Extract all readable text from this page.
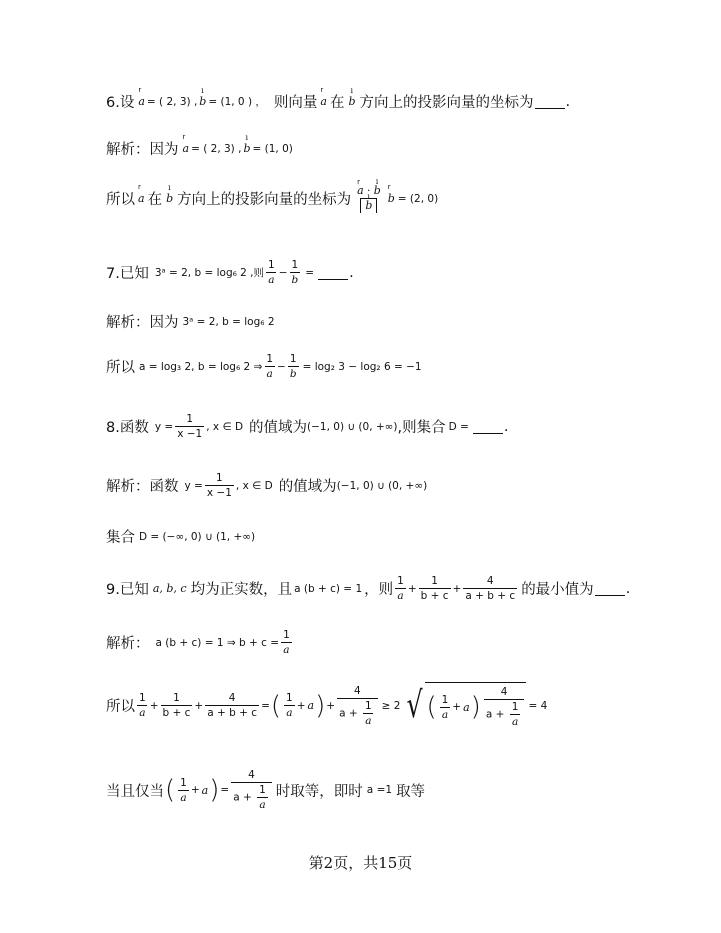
6.设 r a = ( 2, 3) , ı b = (1, 0 ) ， 则向量 r a 在 ı b 方向上的投影向量的坐标为 .
解析：因为 r a = ( 2, 3) , ı b = (1, 0)
所以 r a 在 ı b 方向上的投影向量的坐标为 r a · ı b
ı b r b = (2, 0)
7.已知 3ᵃ = 2, b = log₆ 2 ,则 $\frac{1}{a} - \frac{1}{b}$ = .
解析：因为 3ᵃ = 2, b = log₆ 2
所以 a = log₃ 2, b = log₆ 2 ⇒ $\frac{1}{a} - \frac{1}{b} = \log_2$ 3 − log₂ 6 = −1
8.函数 $y = \frac{1}{x -1}$ , x ∈ D 的值域为 (−1, 0) ∪ (0, +∞) ,则集合 D = .
解析：函数 $y = \frac{1}{x -1}$ , x ∈ D 的值域为 (−1, 0) ∪ (0, +∞)
集合 D = (−∞, 0) ∪ (1, +∞)
9.已知 a, b, c 均为正实数，且 a (b + c) = 1 ，则 $\frac{1}{a} + \frac{1}{b + c} + \frac{4}{a + b + c}$ 的最小值为 .
解析： a (b + c) = 1 ⇒ $b + c = \frac{1}{a}$
所以 $\frac{1}{a} + \frac{1}{b + c} + \frac{4}{a + b + c}$ = ( $\frac{1}{a} + a$ ) + $\frac{4}{a + \frac{1}{a}} \ge 2$ √ ( $\frac{1}{a} + a$ ) $\frac{4}{a + \frac{1}{a}} = 4$
当且仅当 ( $\frac{1}{a} + a$ ) = $\frac{4}{a + \frac{1}{a}}$ 时取等，即时 a =1 取等
第2页，共15页
